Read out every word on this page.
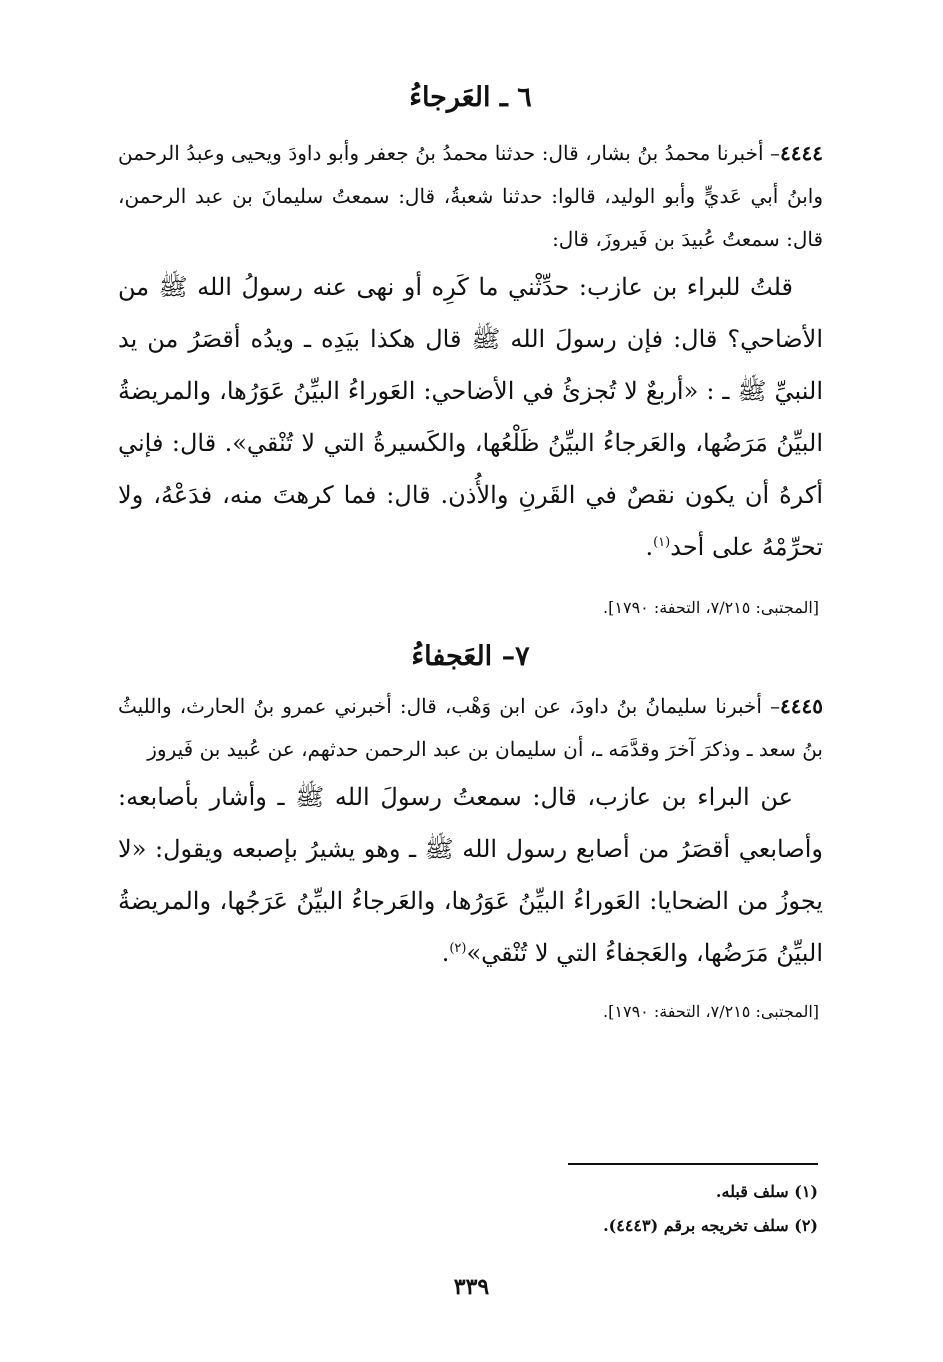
٦ ـ العَرجاءُ

٤٤٤٤– أخبرنا محمدُ بنُ بشار، قال: حدثنا محمدُ بنُ جعفر وأبو داودَ ويحيى وعبدُ الرحمن وابنُ أبي عَديٍّ وأبو الوليد، قالوا: حدثنا شعبةُ، قال: سمعتُ سليمانَ بن عبد الرحمن، قال: سمعتُ عُبيدَ بن فَيروزَ، قال:

قلتُ للبراء بن عازب: حدِّثْني ما كَرِه أو نهى عنه رسولُ الله ﷺ من الأضاحي؟ قال: فإن رسولَ الله ﷺ قال هكذا بيَدِه ـ ويدُه أقصَرُ من يد النبيِّ ﷺ ـ : «أربعٌ لا تُجزئُ في الأضاحي: العَوراءُ البيِّنُ عَوَرُها، والمريضةُ البيِّنُ مَرَضُها، والعَرجاءُ البيِّنُ ظَلْعُها، والكَسيرةُ التي لا تُنْقي». قال: فإني أكرهُ أن يكون نقصٌ في القَرنِ والأُذن. قال: فما كرهتَ منه، فدَعْهُ، ولا تحرِّمْهُ على أحد$^{(١)}$.

[المجتبى: ٧/٢١٥، التحفة: ١٧٩٠].

٧– العَجفاءُ

٤٤٤٥– أخبرنا سليمانُ بنُ داودَ، عن ابن وَهْب، قال: أخبرني عمرو بنُ الحارث، والليثُ بنُ سعد ـ وذكرَ آخرَ وقدَّمَه ـ، أن سليمان بن عبد الرحمن حدثهم، عن عُبيد بن فَيروز

عن البراء بن عازب، قال: سمعتُ رسولَ الله ﷺ ـ وأشار بأصابعه: وأصابعي أقصَرُ من أصابع رسول الله ﷺ ـ وهو يشيرُ بإصبعه ويقول: «لا يجوزُ من الضحايا: العَوراءُ البيِّنُ عَوَرُها، والعَرجاءُ البيِّنُ عَرَجُها، والمريضةُ البيِّنُ مَرَضُها، والعَجفاءُ التي لا تُنْقي»$^{(٢)}$.

[المجتبى: ٧/٢١٥، التحفة: ١٧٩٠].

(١) سلف قبله.

(٢) سلف تخريجه برقم (٤٤٤٣).

٣٣٩
